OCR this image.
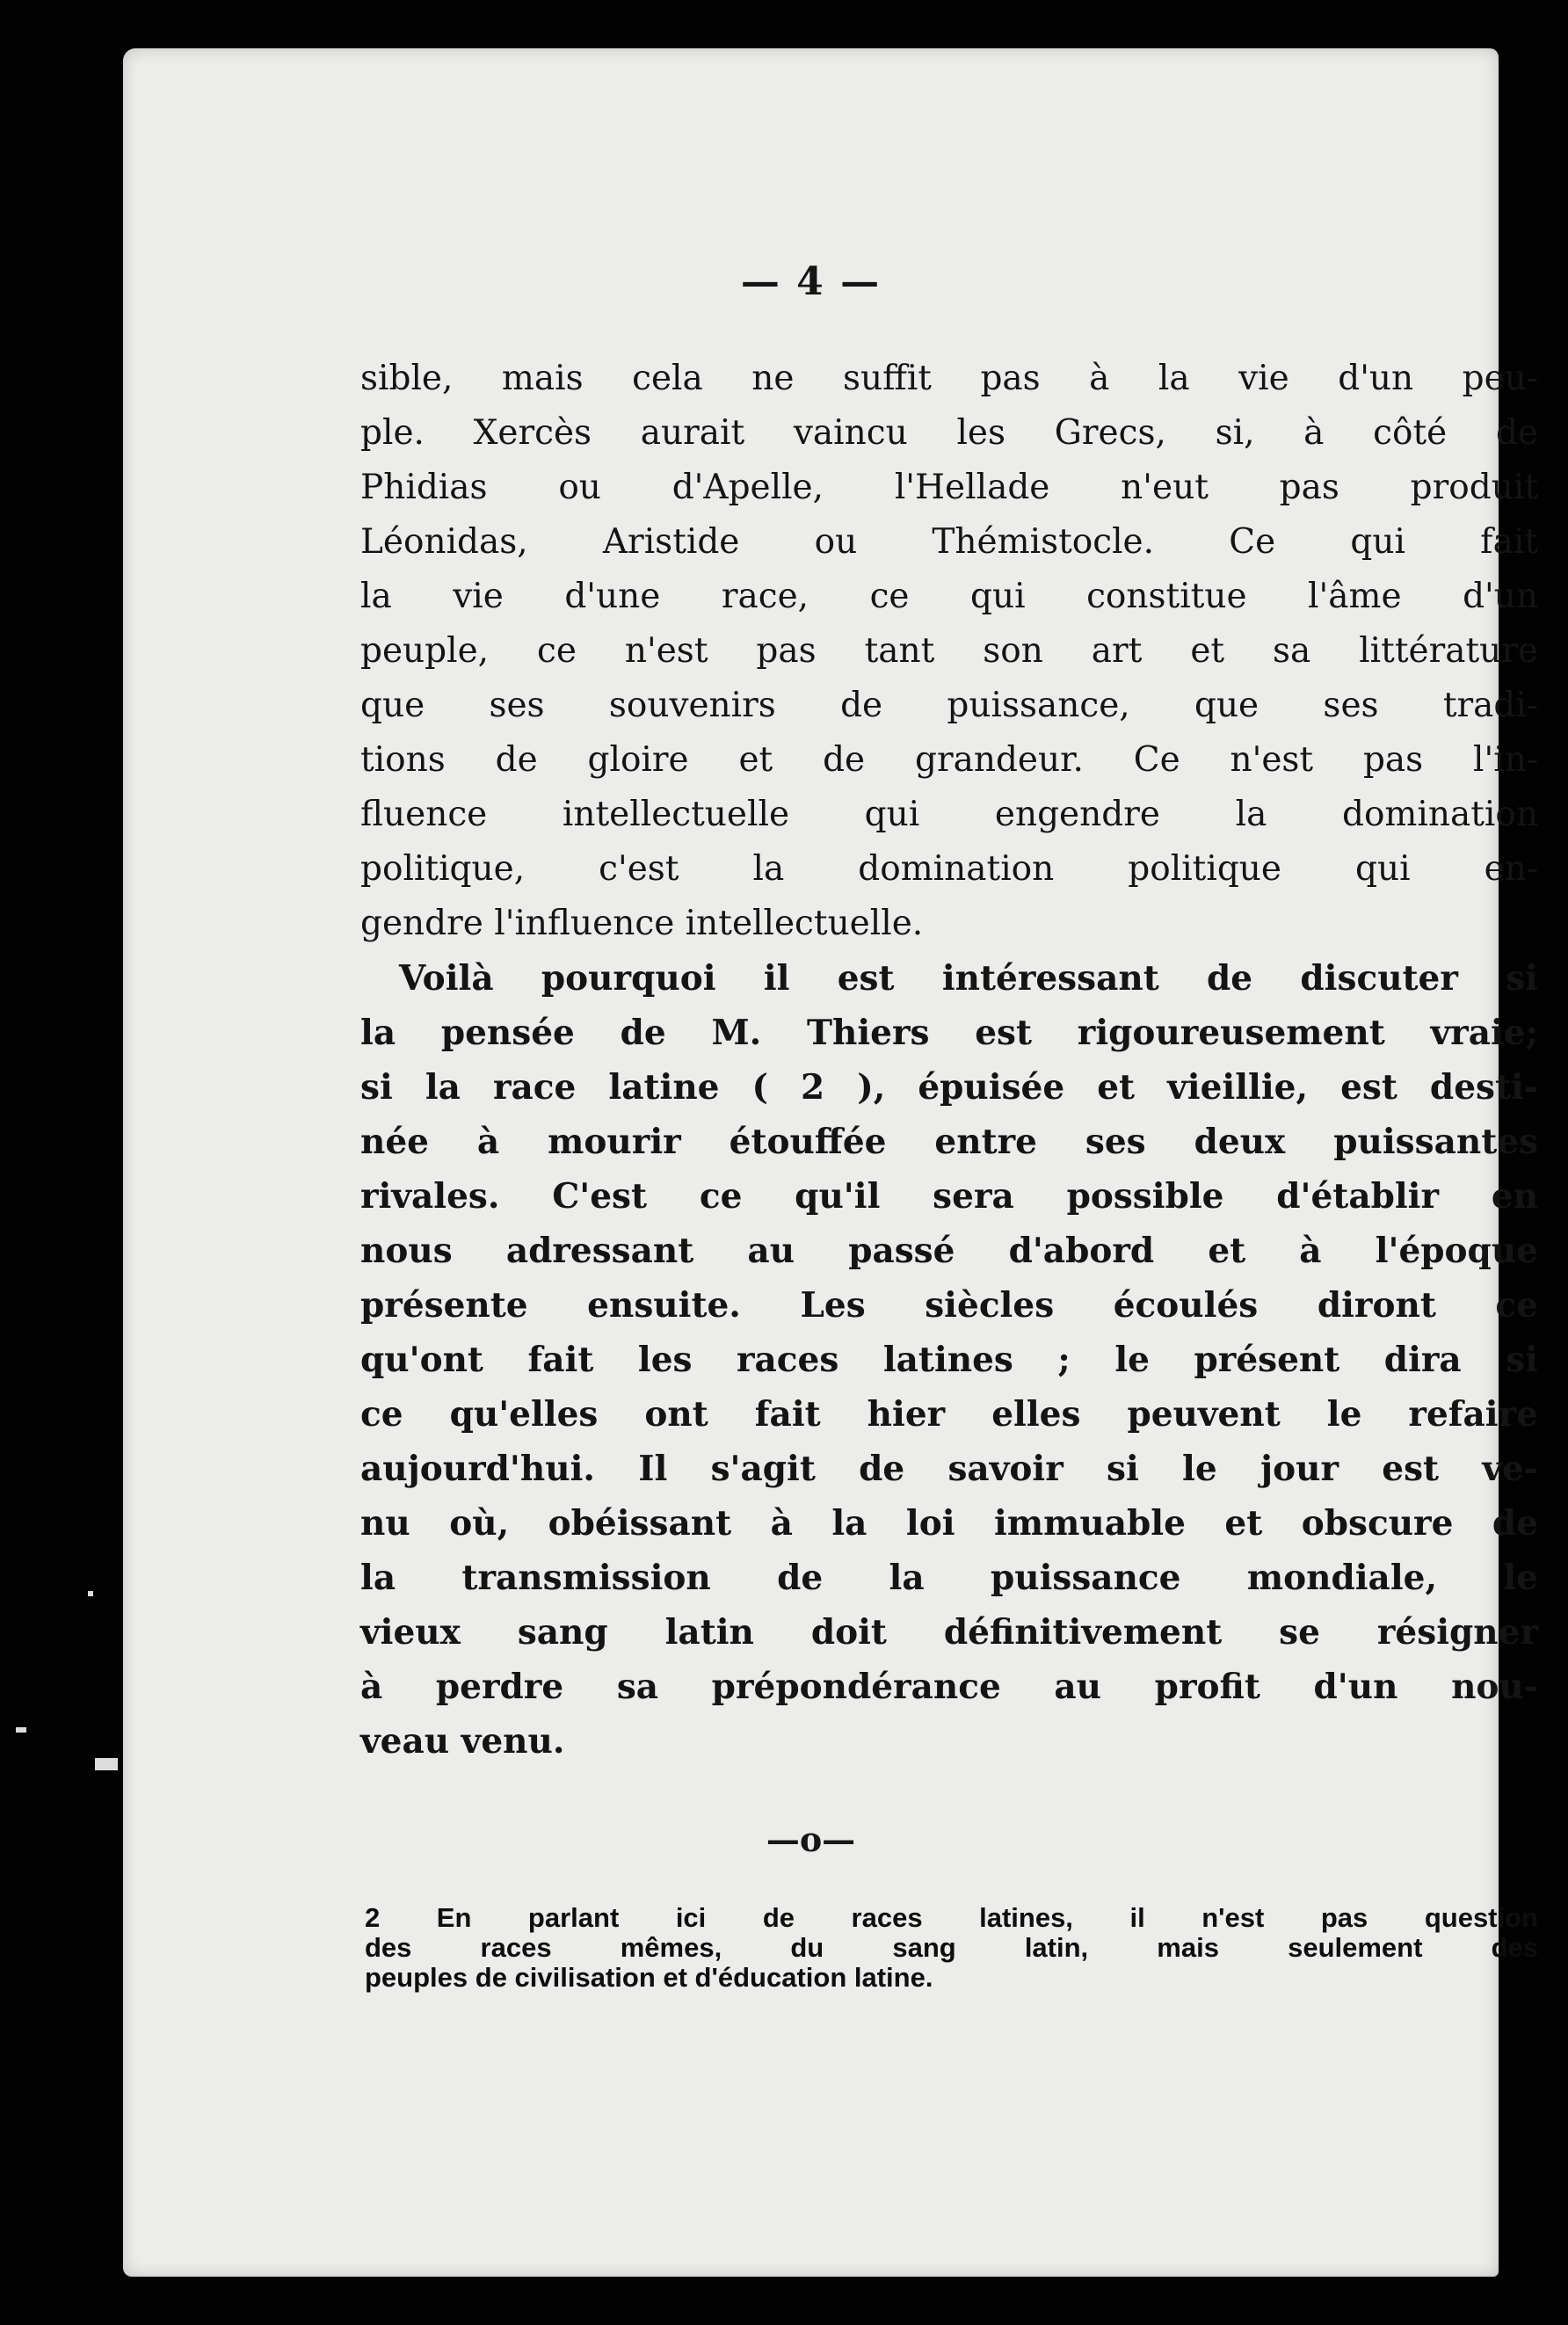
— 4 —
sible, mais cela ne suffit pas à la vie d'un peu-
ple. Xercès aurait vaincu les Grecs, si, à côté de
Phidias ou d'Apelle, l'Hellade n'eut pas produit
Léonidas, Aristide ou Thémistocle. Ce qui fait
la vie d'une race, ce qui constitue l'âme d'un
peuple, ce n'est pas tant son art et sa littérature
que ses souvenirs de puissance, que ses tradi-
tions de gloire et de grandeur. Ce n'est pas l'in-
fluence intellectuelle qui engendre la domination
politique, c'est la domination politique qui en-
gendre l'influence intellectuelle.
Voilà pourquoi il est intéressant de discuter si
la pensée de M. Thiers est rigoureusement vraie;
si la race latine ( 2 ), épuisée et vieillie, est desti-
née à mourir étouffée entre ses deux puissantes
rivales. C'est ce qu'il sera possible d'établir en
nous adressant au passé d'abord et à l'époque
présente ensuite. Les siècles écoulés diront ce
qu'ont fait les races latines ; le présent dira si
ce qu'elles ont fait hier elles peuvent le refaire
aujourd'hui. Il s'agit de savoir si le jour est ve-
nu où, obéissant à la loi immuable et obscure de
la transmission de la puissance mondiale, le
vieux sang latin doit définitivement se résigner
à perdre sa prépondérance au profit d'un nou-
veau venu.
—o—
2 En parlant ici de races latines, il n'est pas question
des races mêmes, du sang latin, mais seulement des
peuples de civilisation et d'éducation latine.
